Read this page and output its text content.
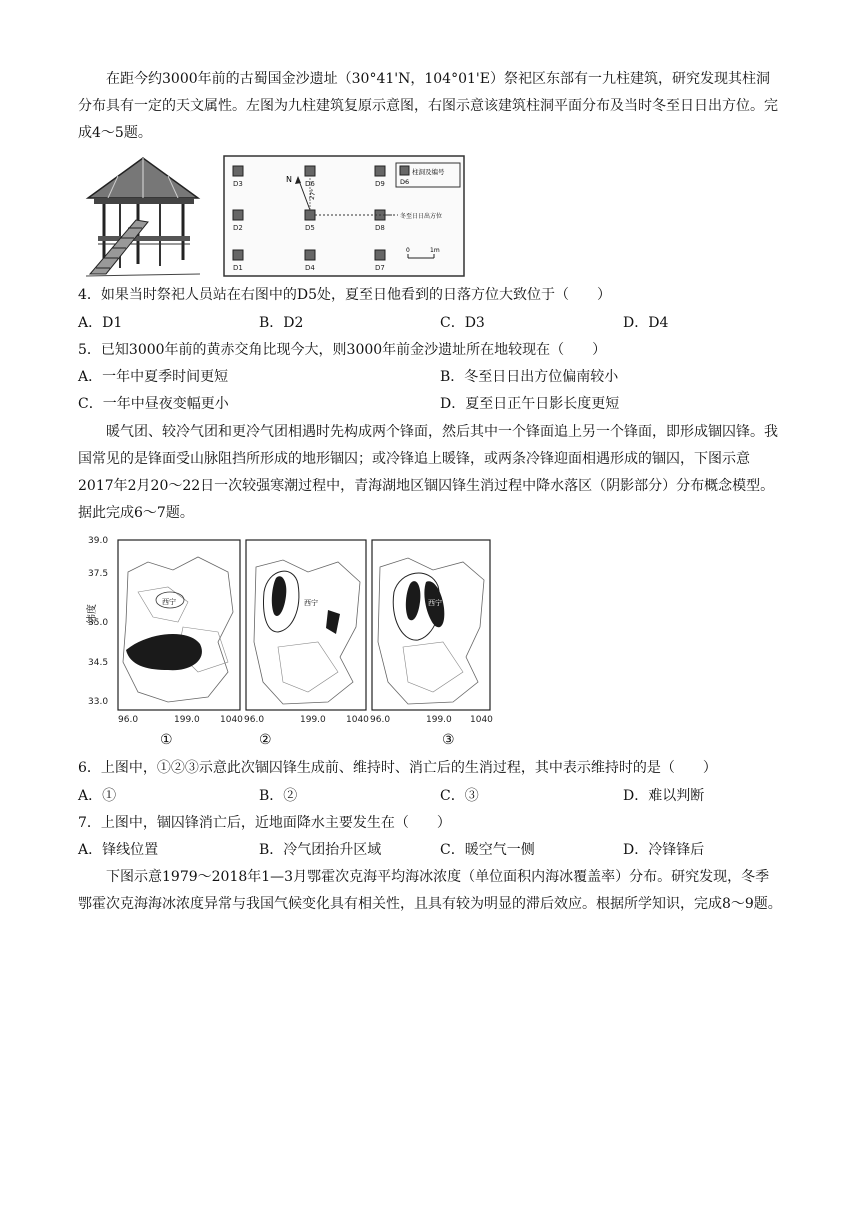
在距今约3000年前的古蜀国金沙遗址（30°41'N，104°01'E）祭祀区东部有一九柱建筑，研究发现其柱洞分布具有一定的天文属性。左图为九柱建筑复原示意图，右图示意该建筑柱洞平面分布及当时冬至日日出方位。完成4～5题。

D3
D2
D1
D6
D5
D4
D9
D8
D7
N
27°
冬至日日出方位
柱洞及编号
D6
0	1m

4．如果当时祭祀人员站在右图中的D5处，夏至日他看到的日落方位大致位于（　　）

A．D1	B．D2	C．D3	D．D4

5．已知3000年前的黄赤交角比现今大，则3000年前金沙遗址所在地较现在（　　）

A．一年中夏季时间更短	B．冬至日日出方位偏南较小
C．一年中昼夜变幅更小	D．夏至日正午日影长度更短

暖气团、较冷气团和更冷气团相遇时先构成两个锋面，然后其中一个锋面追上另一个锋面，即形成锢囚锋。我国常见的是锋面受山脉阻挡所形成的地形锢囚；或冷锋追上暖锋，或两条冷锋迎面相遇形成的锢囚，下图示意2017年2月20～22日一次较强寒潮过程中，青海湖地区锢囚锋生消过程中降水落区（阴影部分）分布概念模型。据此完成6～7题。

39.0
37.5
35.0
34.5
33.0
纬度
西宁	西宁	西宁
96.0	199.0 1040 96.0	199.0 1040 96.0	199.0 1040
①	②	③

6．上图中，①②③示意此次锢囚锋生成前、维持时、消亡后的生消过程，其中表示维持时的是（　　）

A．①	B．②	C．③	D．难以判断

7．上图中，锢囚锋消亡后，近地面降水主要发生在（　　）

A．锋线位置	B．冷气团抬升区域	C．暖空气一侧	D．冷锋锋后

下图示意1979～2018年1—3月鄂霍次克海平均海冰浓度（单位面积内海冰覆盖率）分布。研究发现，冬季鄂霍次克海海冰浓度异常与我国气候变化具有相关性，且具有较为明显的滞后效应。根据所学知识，完成8～9题。
